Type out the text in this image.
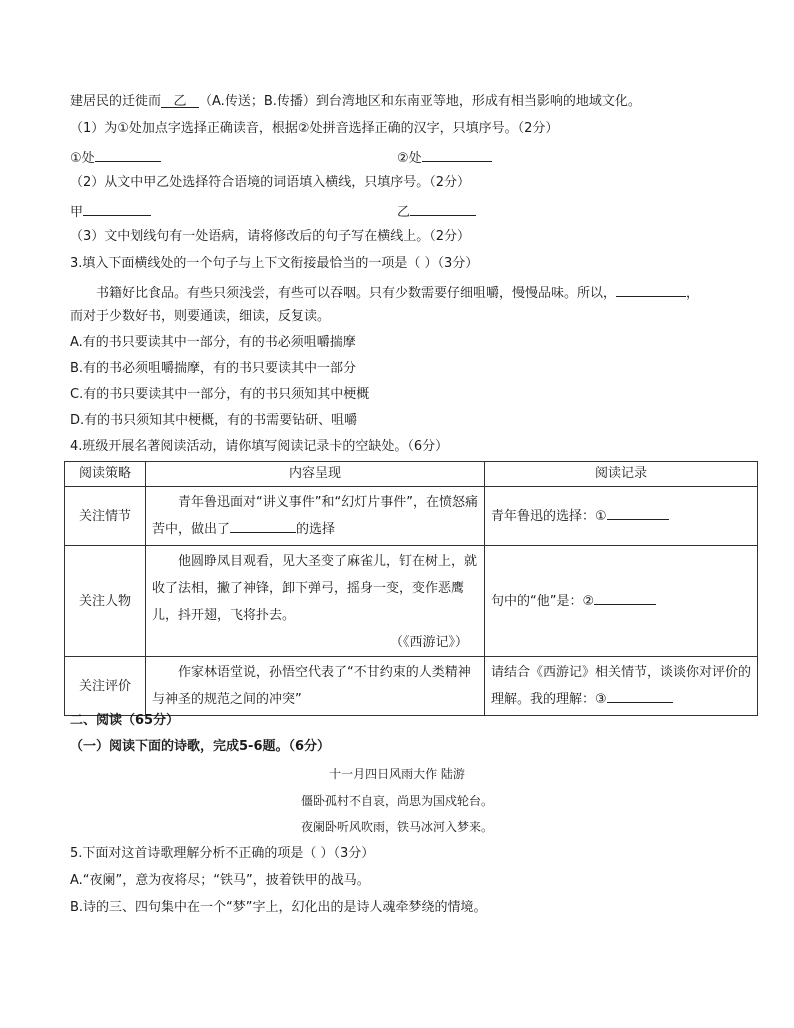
建居民的迁徙而 乙 （A.传送；B.传播）到台湾地区和东南亚等地，形成有相当影响的地域文化。
（1）为①处加点字选择正确读音，根据②处拼音选择正确的汉字，只填序号。（2分）
①处	②处
（2）从文中甲乙处选择符合语境的词语填入横线，只填序号。（2分）
甲	乙
（3）文中划线句有一处语病，请将修改后的句子写在横线上。（2分）
3.填入下面横线处的一个句子与上下文衔接最恰当的一项是（ ）（3分）
书籍好比食品。有些只须浅尝，有些可以吞咽。只有少数需要仔细咀嚼，慢慢品味。所以，	，
而对于少数好书，则要通读，细读，反复读。
A.有的书只要读其中一部分，有的书必须咀嚼揣摩
B.有的书必须咀嚼揣摩，有的书只要读其中一部分
C.有的书只要读其中一部分，有的书只须知其中梗概
D.有的书只须知其中梗概，有的书需要钻研、咀嚼
4.班级开展名著阅读活动，请你填写阅读记录卡的空缺处。（6分）
阅读策略	内容呈现	阅读记录
关注情节	青年鲁迅面对“讲义事件”和“幻灯片事件”，在愤怒痛苦中，做出了 的选择	青年鲁迅的选择：①
关注人物	他圆睁凤目观看，见大圣变了麻雀儿，钉在树上，就收了法相，撇了神锋，卸下弹弓，摇身一变，变作恶鹰儿，抖开翅，飞将扑去。
（《西游记》）	句中的“他”是：②
关注评价	作家林语堂说，孙悟空代表了“不甘约束的人类精神与神圣的规范之间的冲突”	请结合《西游记》相关情节，谈谈你对评价的理解。我的理解：③
二、阅读（65分）
（一）阅读下面的诗歌，完成5-6题。（6分）
十一月四日风雨大作 陆游
僵卧孤村不自哀，尚思为国戍轮台。
夜阑卧听风吹雨，铁马冰河入梦来。
5.下面对这首诗歌理解分析不正确的项是（ ）（3分）
A.“夜阑”，意为夜将尽；“铁马”，披着铁甲的战马。
B.诗的三、四句集中在一个“梦”字上，幻化出的是诗人魂牵梦绕的情境。
